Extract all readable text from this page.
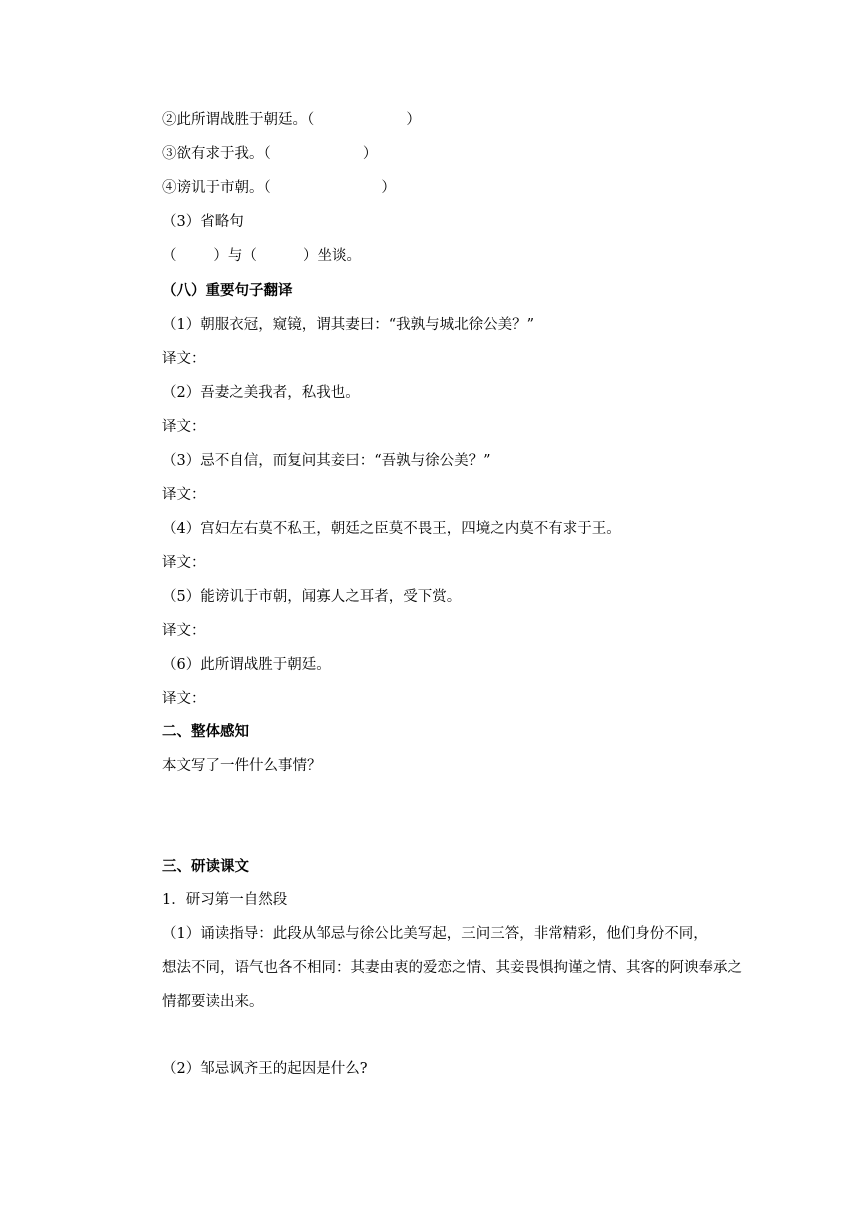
②此所谓战胜于朝廷。（                    ）
③欲有求于我。（                    ）
④谤讥于市朝。（                        ）
（3）省略句
（        ）与（          ）坐谈。
（八）重要句子翻译
（1）朝服衣冠，窥镜，谓其妻曰：“我孰与城北徐公美？”
译文：
（2）吾妻之美我者，私我也。
译文：
（3）忌不自信，而复问其妾曰：“吾孰与徐公美？”
译文：
（4）宫妇左右莫不私王，朝廷之臣莫不畏王，四境之内莫不有求于王。
译文：
（5）能谤讥于市朝，闻寡人之耳者，受下赏。
译文：
（6）此所谓战胜于朝廷。
译文：
二、整体感知
本文写了一件什么事情？
三、研读课文
1．研习第一自然段
（1）诵读指导：此段从邹忌与徐公比美写起，三问三答，非常精彩，他们身份不同，
想法不同，语气也各不相同：其妻由衷的爱恋之情、其妾畏惧拘谨之情、其客的阿谀奉承之
情都要读出来。
（2）邹忌讽齐王的起因是什么?
